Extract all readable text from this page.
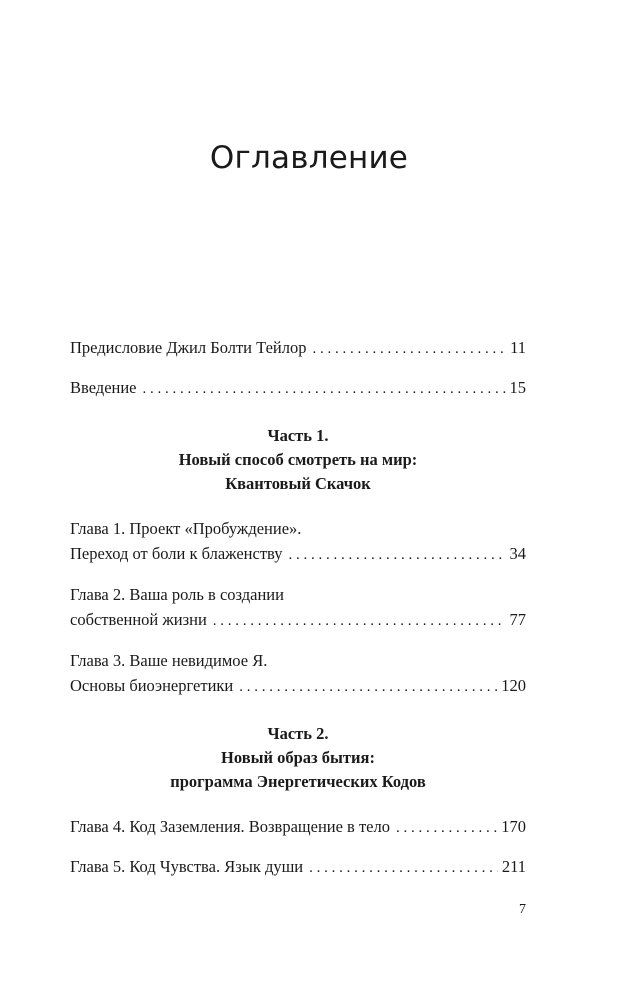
Оглавление
Предисловие Джил Болти Тейлор . . .	11
Введение . . .	15
Часть 1.
Новый способ смотреть на мир:
Квантовый Скачок
Глава 1. Проект «Пробуждение».
Переход от боли к блаженству . . .	34
Глава 2. Ваша роль в создании
собственной жизни . . .	77
Глава 3. Ваше невидимое Я.
Основы биоэнергетики . . .	120
Часть 2.
Новый образ бытия:
программа Энергетических Кодов
Глава 4. Код Заземления. Возвращение в тело . . .	170
Глава 5. Код Чувства. Язык души . . .	211
7
